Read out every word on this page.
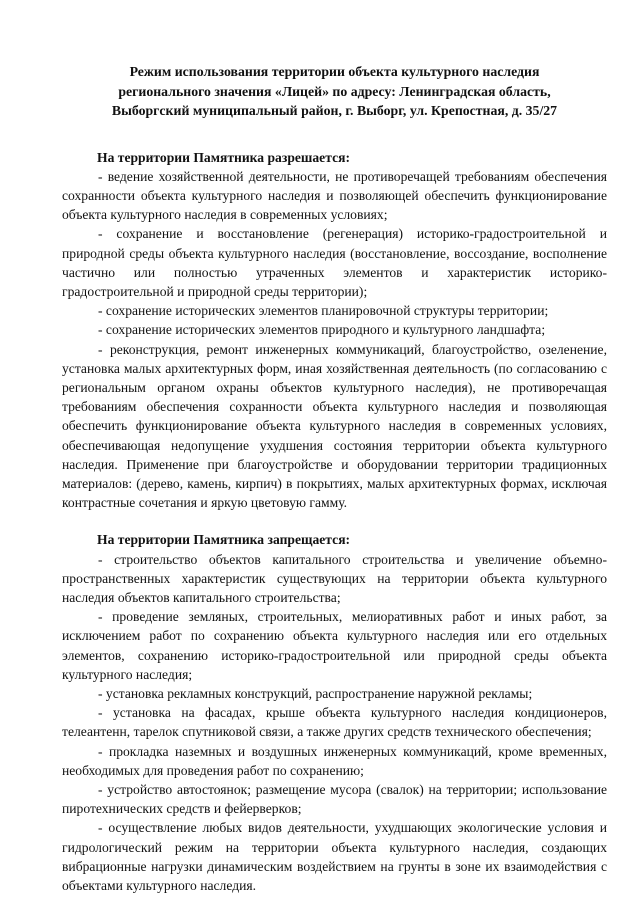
Режим использования территории объекта культурного наследия
регионального значения «Лицей» по адресу: Ленинградская область,
Выборгский муниципальный район, г. Выборг, ул. Крепостная, д. 35/27

На территории Памятника разрешается:

- ведение хозяйственной деятельности, не противоречащей требованиям обеспечения сохранности объекта культурного наследия и позволяющей обеспечить функционирование объекта культурного наследия в современных условиях;

- сохранение и восстановление (регенерация) историко-градостроительной и природной среды объекта культурного наследия (восстановление, воссоздание, восполнение частично или полностью утраченных элементов и характеристик историко-градостроительной и природной среды территории);

- сохранение исторических элементов планировочной структуры территории;

- сохранение исторических элементов природного и культурного ландшафта;

- реконструкция, ремонт инженерных коммуникаций, благоустройство, озеленение, установка малых архитектурных форм, иная хозяйственная деятельность (по согласованию с региональным органом охраны объектов культурного наследия), не противоречащая требованиям обеспечения сохранности объекта культурного наследия и позволяющая обеспечить функционирование объекта культурного наследия в современных условиях, обеспечивающая недопущение ухудшения состояния территории объекта культурного наследия. Применение при благоустройстве и оборудовании территории традиционных материалов: (дерево, камень, кирпич) в покрытиях, малых архитектурных формах, исключая контрастные сочетания и яркую цветовую гамму.

На территории Памятника запрещается:

- строительство объектов капитального строительства и увеличение объемно-пространственных характеристик существующих на территории объекта культурного наследия объектов капитального строительства;

- проведение земляных, строительных, мелиоративных работ и иных работ, за исключением работ по сохранению объекта культурного наследия или его отдельных элементов, сохранению историко-градостроительной или природной среды объекта культурного наследия;

- установка рекламных конструкций, распространение наружной рекламы;

- установка на фасадах, крыше объекта культурного наследия кондиционеров, телеантенн, тарелок спутниковой связи, а также других средств технического обеспечения;

- прокладка наземных и воздушных инженерных коммуникаций, кроме временных, необходимых для проведения работ по сохранению;

- устройство автостоянок; размещение мусора (свалок) на территории; использование пиротехнических средств и фейерверков;

- осуществление любых видов деятельности, ухудшающих экологические условия и гидрологический режим на территории объекта культурного наследия, создающих вибрационные нагрузки динамическим воздействием на грунты в зоне их взаимодействия с объектами культурного наследия.
